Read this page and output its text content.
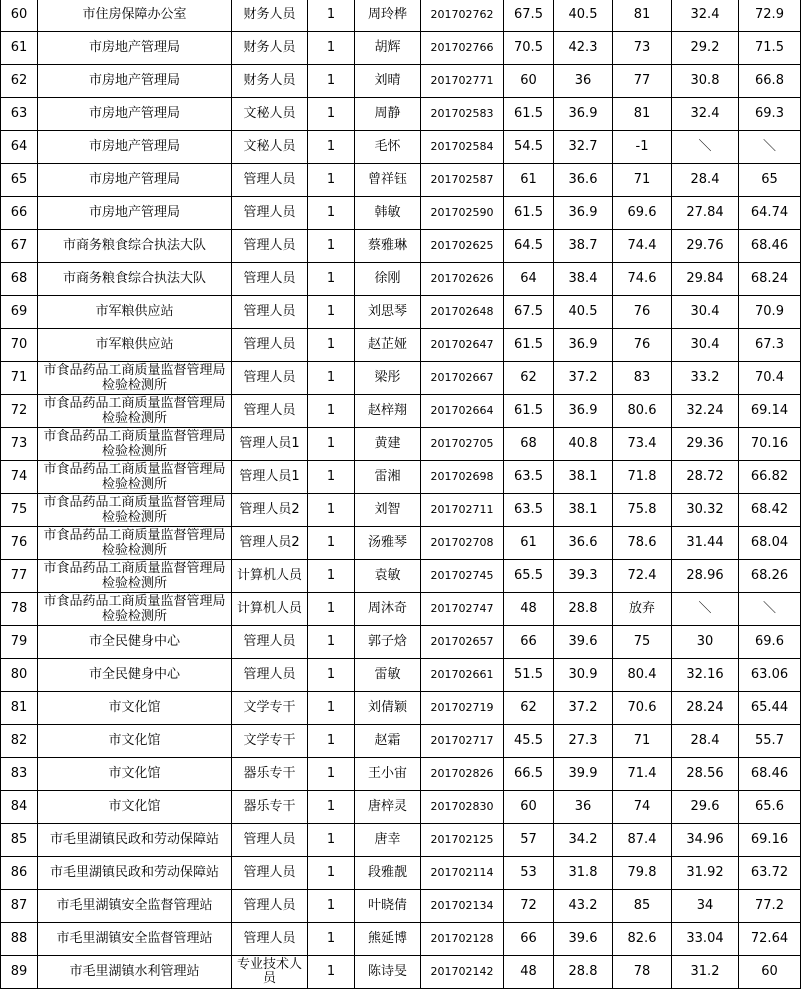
60	市住房保障办公室	财务人员	1	周玲桦	201702762	67.5	40.5	81	32.4	72.9
61	市房地产管理局	财务人员	1	胡辉	201702766	70.5	42.3	73	29.2	71.5
62	市房地产管理局	财务人员	1	刘晴	201702771	60	36	77	30.8	66.8
63	市房地产管理局	文秘人员	1	周静	201702583	61.5	36.9	81	32.4	69.3
64	市房地产管理局	文秘人员	1	毛怀	201702584	54.5	32.7	-1	＼	＼
65	市房地产管理局	管理人员	1	曾祥钰	201702587	61	36.6	71	28.4	65
66	市房地产管理局	管理人员	1	韩敏	201702590	61.5	36.9	69.6	27.84	64.74
67	市商务粮食综合执法大队	管理人员	1	蔡雅琳	201702625	64.5	38.7	74.4	29.76	68.46
68	市商务粮食综合执法大队	管理人员	1	徐刚	201702626	64	38.4	74.6	29.84	68.24
69	市军粮供应站	管理人员	1	刘思琴	201702648	67.5	40.5	76	30.4	70.9
70	市军粮供应站	管理人员	1	赵芷娅	201702647	61.5	36.9	76	30.4	67.3
71	市食品药品工商质量监督管理局检验检测所	管理人员	1	梁彤	201702667	62	37.2	83	33.2	70.4
72	市食品药品工商质量监督管理局检验检测所	管理人员	1	赵梓翔	201702664	61.5	36.9	80.6	32.24	69.14
73	市食品药品工商质量监督管理局检验检测所	管理人员1	1	黄建	201702705	68	40.8	73.4	29.36	70.16
74	市食品药品工商质量监督管理局检验检测所	管理人员1	1	雷湘	201702698	63.5	38.1	71.8	28.72	66.82
75	市食品药品工商质量监督管理局检验检测所	管理人员2	1	刘智	201702711	63.5	38.1	75.8	30.32	68.42
76	市食品药品工商质量监督管理局检验检测所	管理人员2	1	汤雅琴	201702708	61	36.6	78.6	31.44	68.04
77	市食品药品工商质量监督管理局检验检测所	计算机人员	1	袁敏	201702745	65.5	39.3	72.4	28.96	68.26
78	市食品药品工商质量监督管理局检验检测所	计算机人员	1	周沐奇	201702747	48	28.8	放弃	＼	＼
79	市全民健身中心	管理人员	1	郭子焓	201702657	66	39.6	75	30	69.6
80	市全民健身中心	管理人员	1	雷敏	201702661	51.5	30.9	80.4	32.16	63.06
81	市文化馆	文学专干	1	刘倩颖	201702719	62	37.2	70.6	28.24	65.44
82	市文化馆	文学专干	1	赵霜	201702717	45.5	27.3	71	28.4	55.7
83	市文化馆	器乐专干	1	王小宙	201702826	66.5	39.9	71.4	28.56	68.46
84	市文化馆	器乐专干	1	唐梓灵	201702830	60	36	74	29.6	65.6
85	市毛里湖镇民政和劳动保障站	管理人员	1	唐幸	201702125	57	34.2	87.4	34.96	69.16
86	市毛里湖镇民政和劳动保障站	管理人员	1	段雅靓	201702114	53	31.8	79.8	31.92	63.72
87	市毛里湖镇安全监督管理站	管理人员	1	叶晓倩	201702134	72	43.2	85	34	77.2
88	市毛里湖镇安全监督管理站	管理人员	1	熊延博	201702128	66	39.6	82.6	33.04	72.64
89	市毛里湖镇水利管理站	专业技术人员	1	陈诗旻	201702142	48	28.8	78	31.2	60
